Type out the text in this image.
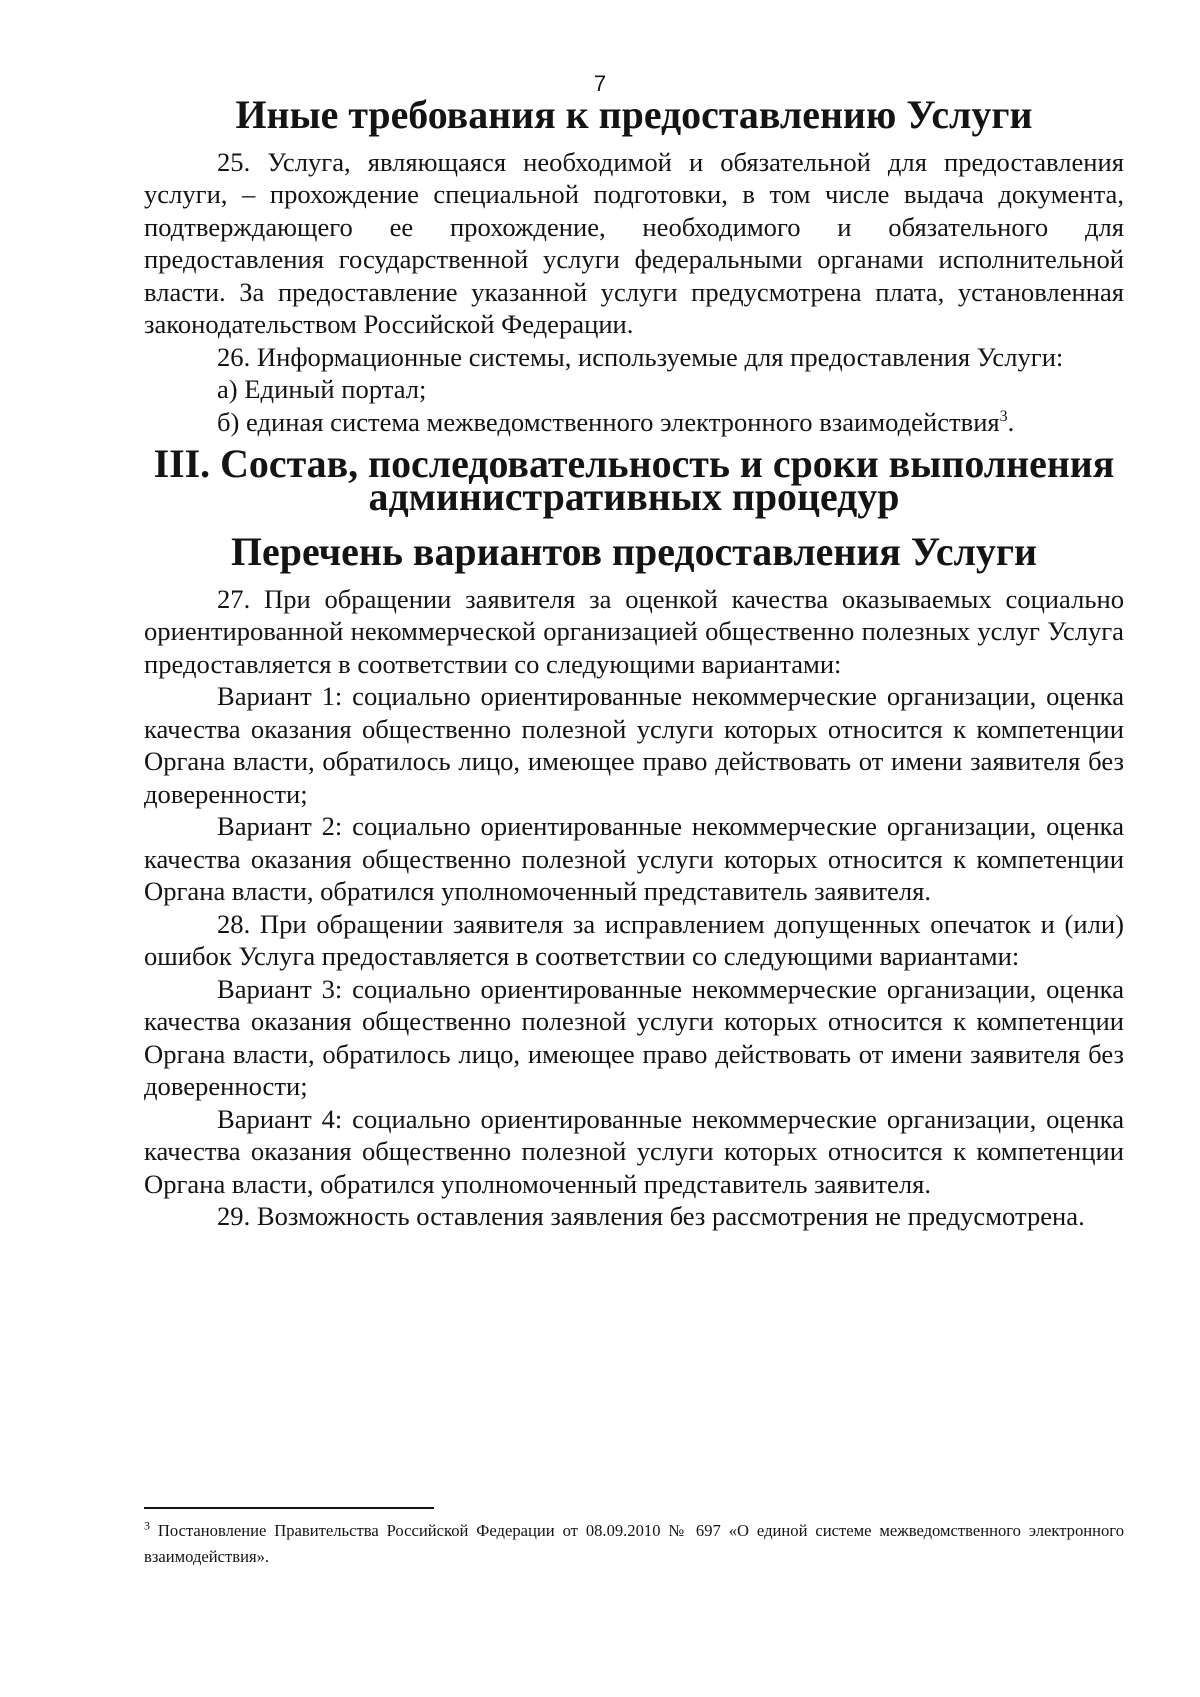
7
Иные требования к предоставлению Услуги

25. Услуга, являющаяся необходимой и обязательной для предоставления услуги, – прохождение специальной подготовки, в том числе выдача документа, подтверждающего ее прохождение, необходимого и обязательного для предоставления государственной услуги федеральными органами исполнительной власти. За предоставление указанной услуги предусмотрена плата, установленная законодательством Российской Федерации.

26. Информационные системы, используемые для предоставления Услуги:

а) Единый портал;

б) единая система межведомственного электронного взаимодействия$^3$.

III. Состав, последовательность и сроки выполнения административных процедур
Перечень вариантов предоставления Услуги

27. При обращении заявителя за оценкой качества оказываемых социально ориентированной некоммерческой организацией общественно полезных услуг Услуга предоставляется в соответствии со следующими вариантами:

Вариант 1: социально ориентированные некоммерческие организации, оценка качества оказания общественно полезной услуги которых относится к компетенции Органа власти, обратилось лицо, имеющее право действовать от имени заявителя без доверенности;

Вариант 2: социально ориентированные некоммерческие организации, оценка качества оказания общественно полезной услуги которых относится к компетенции Органа власти, обратился уполномоченный представитель заявителя.

28. При обращении заявителя за исправлением допущенных опечаток и (или) ошибок Услуга предоставляется в соответствии со следующими вариантами:

Вариант 3: социально ориентированные некоммерческие организации, оценка качества оказания общественно полезной услуги которых относится к компетенции Органа власти, обратилось лицо, имеющее право действовать от имени заявителя без доверенности;

Вариант 4: социально ориентированные некоммерческие организации, оценка качества оказания общественно полезной услуги которых относится к компетенции Органа власти, обратился уполномоченный представитель заявителя.

29. Возможность оставления заявления без рассмотрения не предусмотрена.

$^3$ Постановление Правительства Российской Федерации от 08.09.2010 № 697 «О единой системе межведомственного электронного взаимодействия».
